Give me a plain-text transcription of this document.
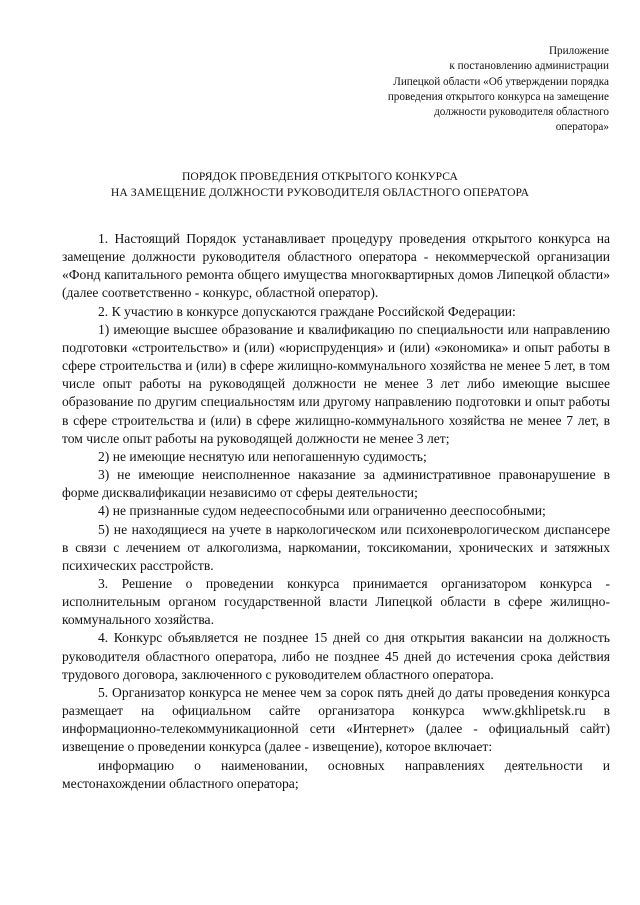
Приложение
к постановлению администрации
Липецкой области «Об утверждении порядка
проведения открытого конкурса на замещение
должности руководителя областного
оператора»
ПОРЯДОК ПРОВЕДЕНИЯ ОТКРЫТОГО КОНКУРСА
НА ЗАМЕЩЕНИЕ ДОЛЖНОСТИ РУКОВОДИТЕЛЯ ОБЛАСТНОГО ОПЕРАТОРА

1. Настоящий Порядок устанавливает процедуру проведения открытого конкурса на замещение должности руководителя областного оператора - некоммерческой организации «Фонд капитального ремонта общего имущества многоквартирных домов Липецкой области» (далее соответственно - конкурс, областной оператор).

2. К участию в конкурсе допускаются граждане Российской Федерации:

1) имеющие высшее образование и квалификацию по специальности или направлению подготовки «строительство» и (или) «юриспруденция» и (или) «экономика» и опыт работы в сфере строительства и (или) в сфере жилищно-коммунального хозяйства не менее 5 лет, в том числе опыт работы на руководящей должности не менее 3 лет либо имеющие высшее образование по другим специальностям или другому направлению подготовки и опыт работы в сфере строительства и (или) в сфере жилищно-коммунального хозяйства не менее 7 лет, в том числе опыт работы на руководящей должности не менее 3 лет;

2) не имеющие неснятую или непогашенную судимость;

3) не имеющие неисполненное наказание за административное правонарушение в форме дисквалификации независимо от сферы деятельности;

4) не признанные судом недееспособными или ограниченно дееспособными;

5) не находящиеся на учете в наркологическом или психоневрологическом диспансере в связи с лечением от алкоголизма, наркомании, токсикомании, хронических и затяжных психических расстройств.

3. Решение о проведении конкурса принимается организатором конкурса - исполнительным органом государственной власти Липецкой области в сфере жилищно-коммунального хозяйства.

4. Конкурс объявляется не позднее 15 дней со дня открытия вакансии на должность руководителя областного оператора, либо не позднее 45 дней до истечения срока действия трудового договора, заключенного с руководителем областного оператора.

5. Организатор конкурса не менее чем за сорок пять дней до даты проведения конкурса размещает на официальном сайте организатора конкурса www.gkhlipetsk.ru в информационно-телекоммуникационной сети «Интернет» (далее - официальный сайт) извещение о проведении конкурса (далее - извещение), которое включает:

информацию о наименовании, основных направлениях деятельности и местонахождении областного оператора;
